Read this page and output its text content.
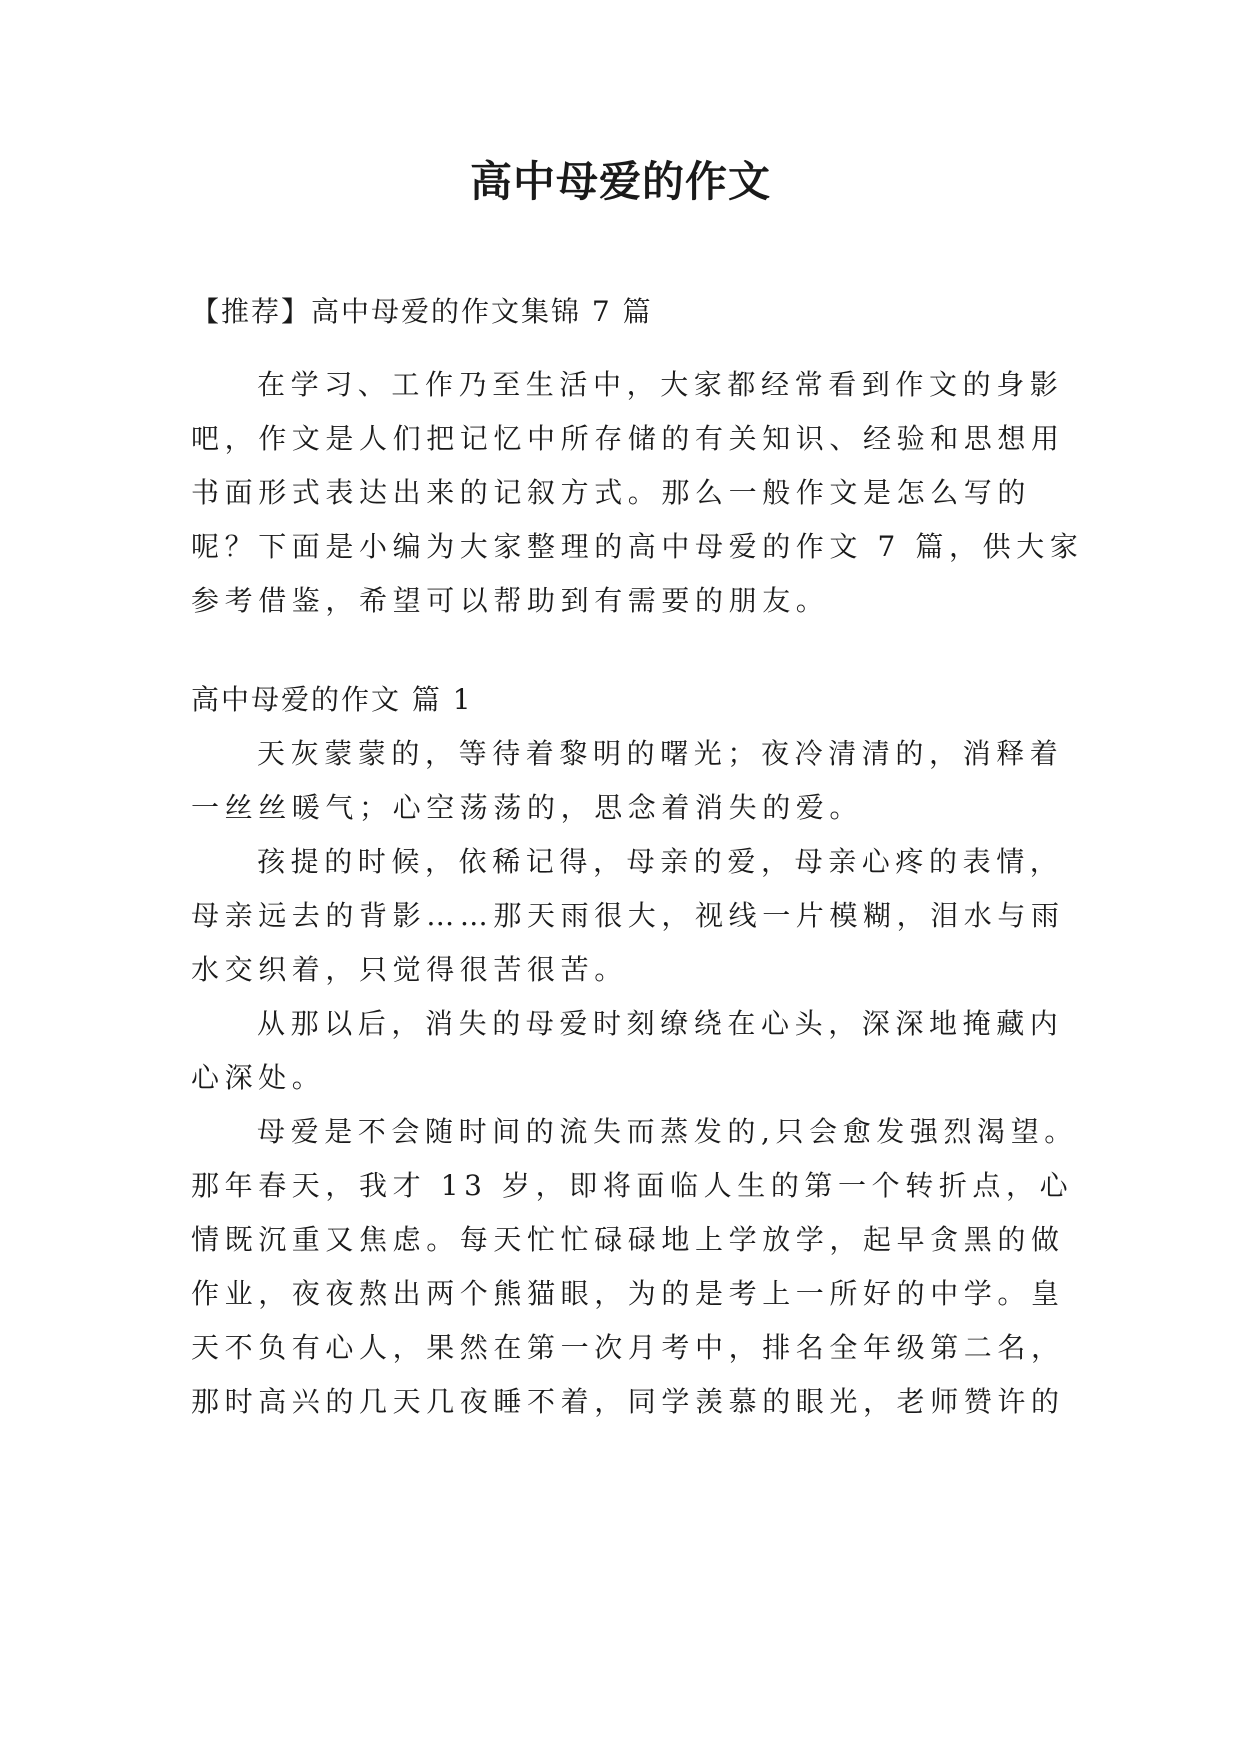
高中母爱的作文
【推荐】高中母爱的作文集锦 7 篇
在学习、工作乃至生活中，大家都经常看到作文的身影
吧，作文是人们把记忆中所存储的有关知识、经验和思想用
书面形式表达出来的记叙方式。那么一般作文是怎么写的
呢？下面是小编为大家整理的高中母爱的作文 7 篇，供大家
参考借鉴，希望可以帮助到有需要的朋友。
高中母爱的作文 篇 1
天灰蒙蒙的，等待着黎明的曙光；夜冷清清的，消释着
一丝丝暖气；心空荡荡的，思念着消失的爱。
孩提的时候，依稀记得，母亲的爱，母亲心疼的表情，
母亲远去的背影……那天雨很大，视线一片模糊，泪水与雨
水交织着，只觉得很苦很苦。
从那以后，消失的母爱时刻缭绕在心头，深深地掩藏内
心深处。
母爱是不会随时间的流失而蒸发的,只会愈发强烈渴望。
那年春天，我才 13 岁，即将面临人生的第一个转折点，心
情既沉重又焦虑。每天忙忙碌碌地上学放学，起早贪黑的做
作业，夜夜熬出两个熊猫眼，为的是考上一所好的中学。皇
天不负有心人，果然在第一次月考中，排名全年级第二名，
那时高兴的几天几夜睡不着，同学羡慕的眼光，老师赞许的
